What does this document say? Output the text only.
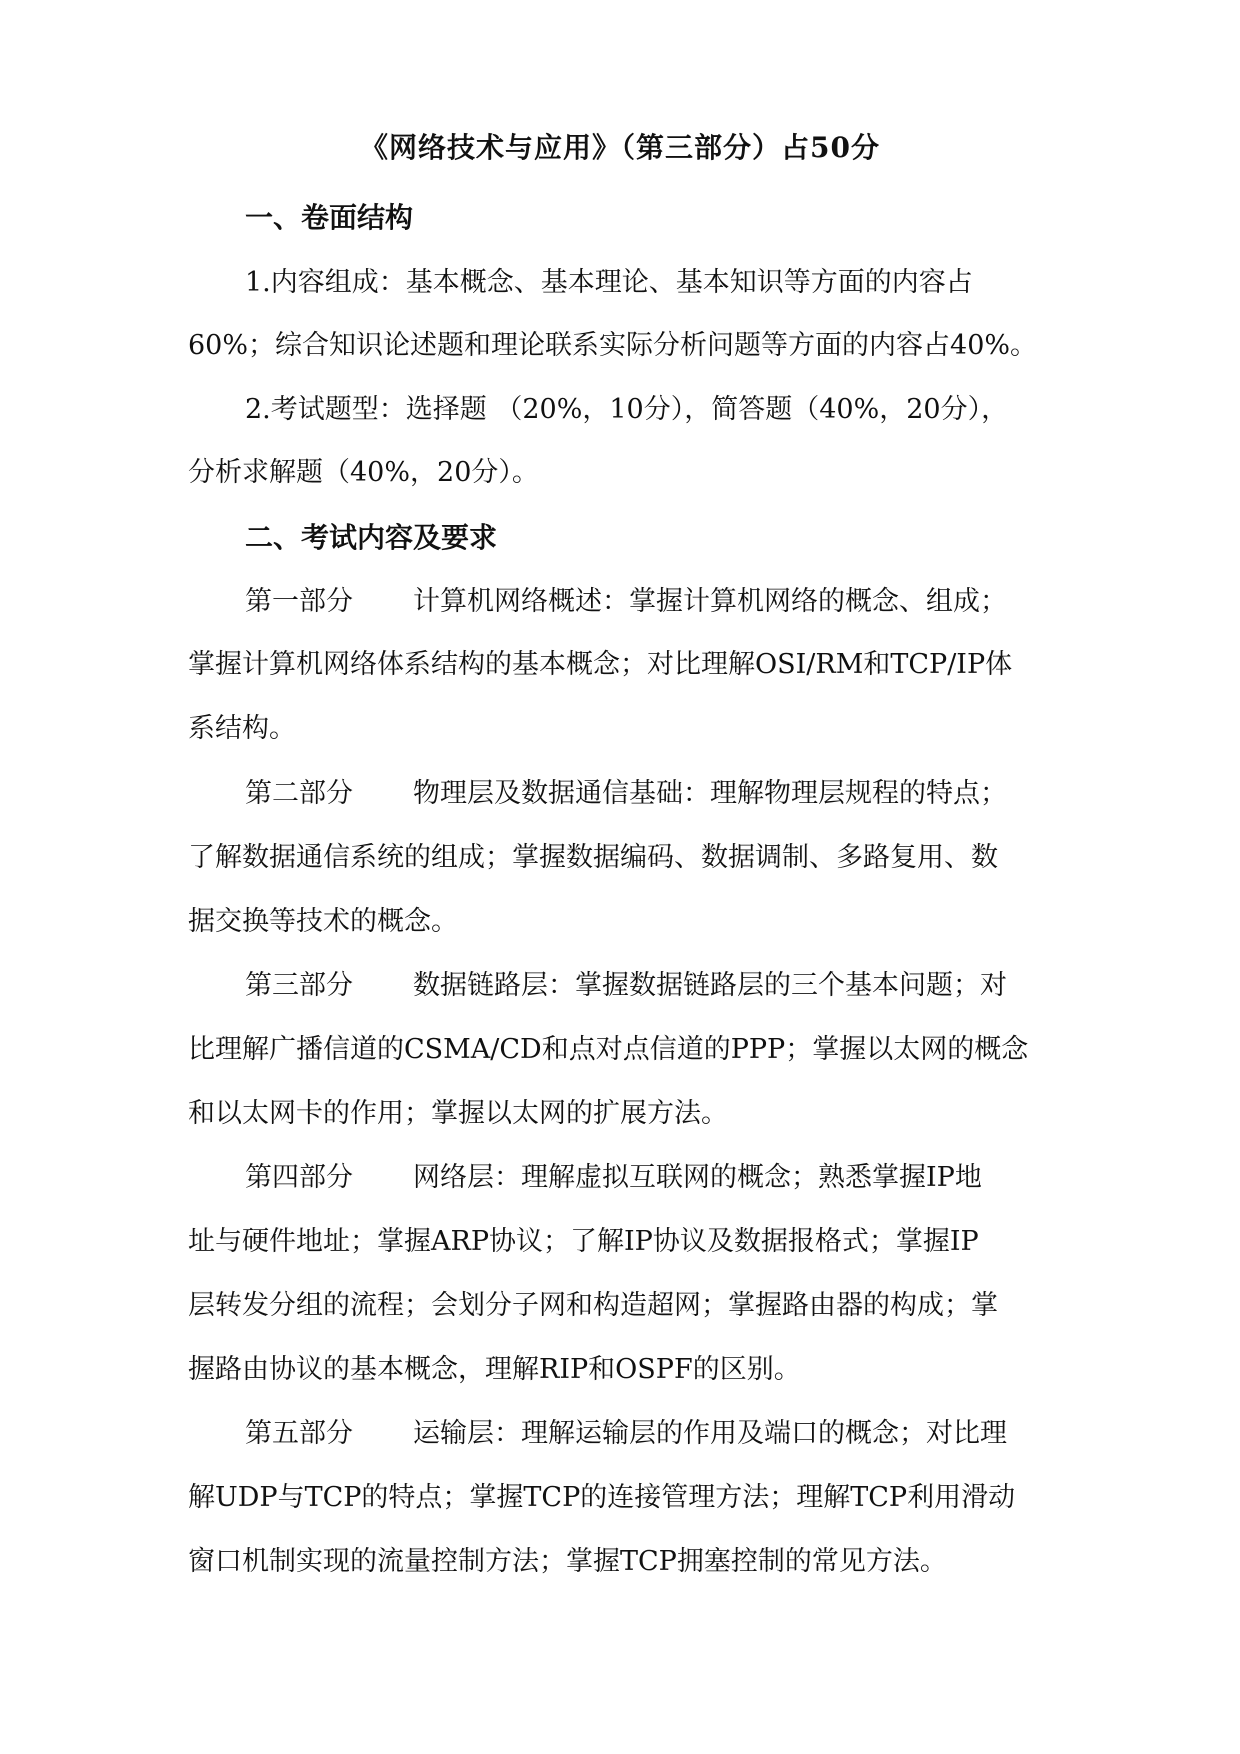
《网络技术与应用》（第三部分）占50分
一、卷面结构
1.内容组成：基本概念、基本理论、基本知识等方面的内容占
60%；综合知识论述题和理论联系实际分析问题等方面的内容占40%。
2.考试题型：选择题 （20%，10分），简答题（40%，20分），
分析求解题（40%，20分）。
二、考试内容及要求
第一部分 计算机网络概述：掌握计算机网络的概念、组成；
掌握计算机网络体系结构的基本概念；对比理解OSI/RM和TCP/IP体
系结构。
第二部分 物理层及数据通信基础：理解物理层规程的特点；
了解数据通信系统的组成；掌握数据编码、数据调制、多路复用、数
据交换等技术的概念。
第三部分 数据链路层：掌握数据链路层的三个基本问题；对
比理解广播信道的CSMA/CD和点对点信道的PPP；掌握以太网的概念
和以太网卡的作用；掌握以太网的扩展方法。
第四部分 网络层：理解虚拟互联网的概念；熟悉掌握IP地
址与硬件地址；掌握ARP协议；了解IP协议及数据报格式；掌握IP
层转发分组的流程；会划分子网和构造超网；掌握路由器的构成；掌
握路由协议的基本概念，理解RIP和OSPF的区别。
第五部分 运输层：理解运输层的作用及端口的概念；对比理
解UDP与TCP的特点；掌握TCP的连接管理方法；理解TCP利用滑动
窗口机制实现的流量控制方法；掌握TCP拥塞控制的常见方法。
